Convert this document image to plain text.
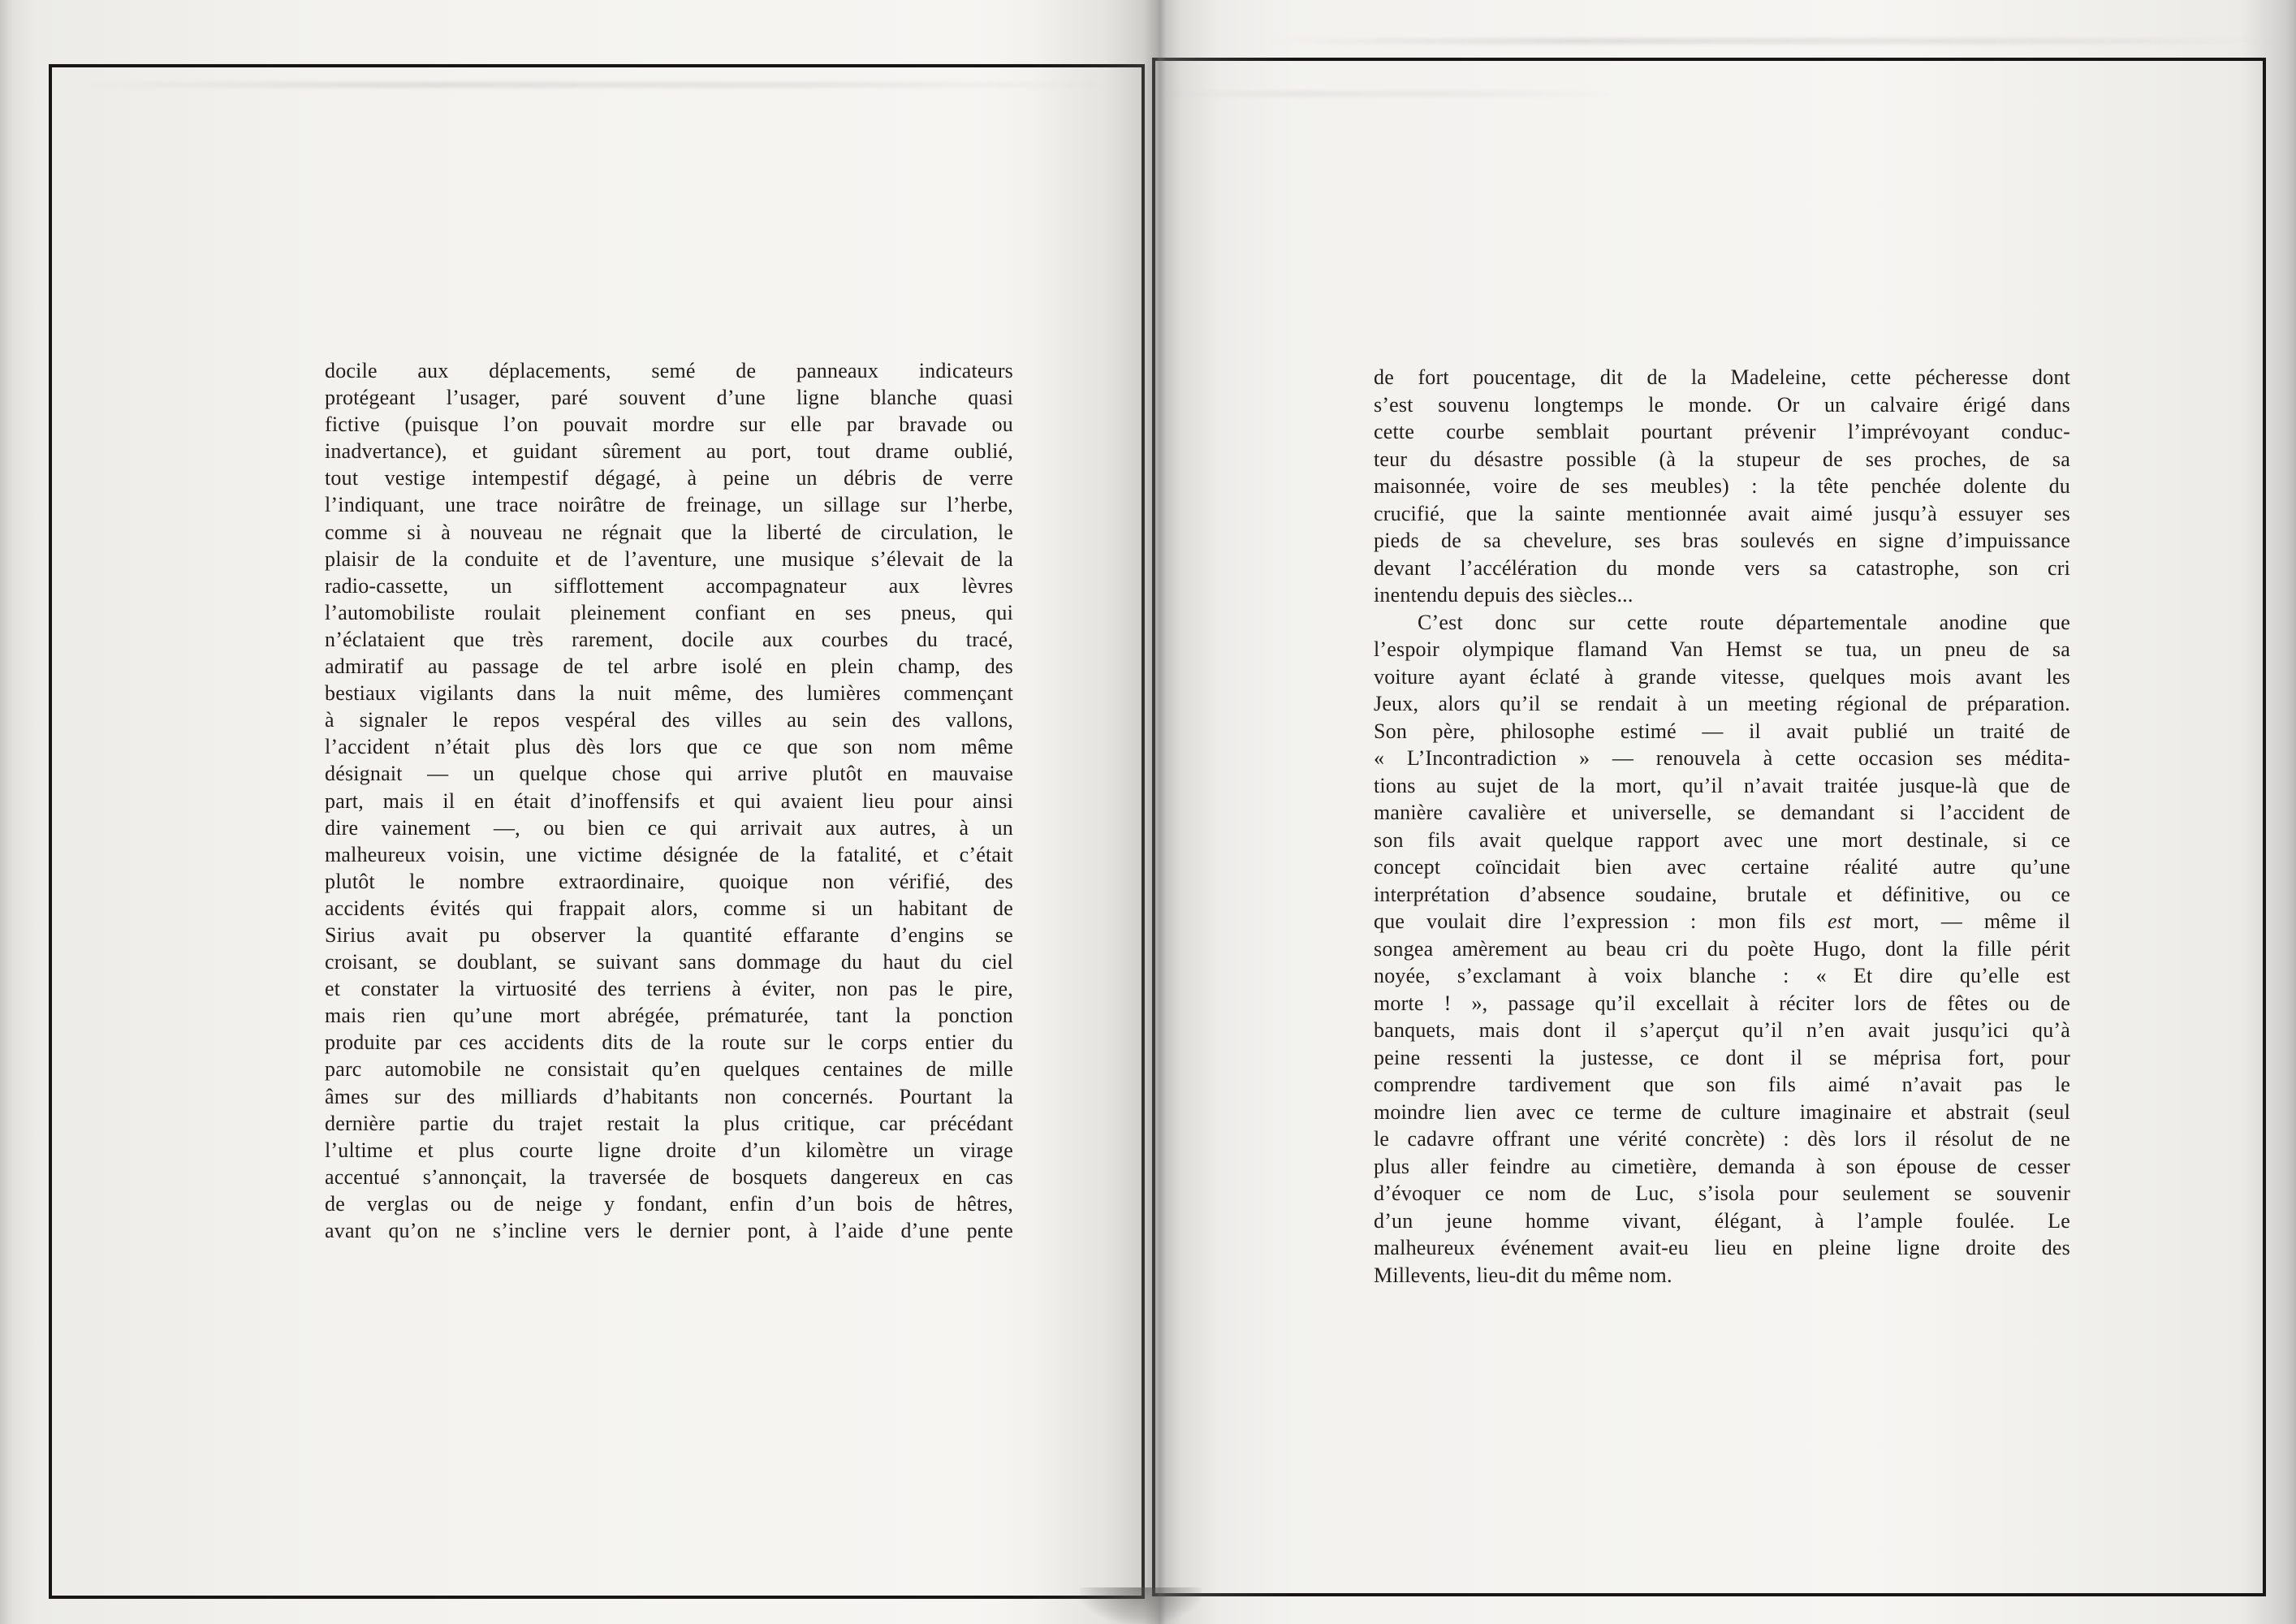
docile aux déplacements, semé de panneaux indicateurs
protégeant l’usager, paré souvent d’une ligne blanche quasi
fictive (puisque l’on pouvait mordre sur elle par bravade ou
inadvertance), et guidant sûrement au port, tout drame oublié,
tout vestige intempestif dégagé, à peine un débris de verre
l’indiquant, une trace noirâtre de freinage, un sillage sur l’herbe,
comme si à nouveau ne régnait que la liberté de circulation, le
plaisir de la conduite et de l’aventure, une musique s’élevait de la
radio-cassette, un sifflottement accompagnateur aux lèvres
l’automobiliste roulait pleinement confiant en ses pneus, qui
n’éclataient que très rarement, docile aux courbes du tracé,
admiratif au passage de tel arbre isolé en plein champ, des
bestiaux vigilants dans la nuit même, des lumières commençant
à signaler le repos vespéral des villes au sein des vallons,
l’accident n’était plus dès lors que ce que son nom même
désignait — un quelque chose qui arrive plutôt en mauvaise
part, mais il en était d’inoffensifs et qui avaient lieu pour ainsi
dire vainement —, ou bien ce qui arrivait aux autres, à un
malheureux voisin, une victime désignée de la fatalité, et c’était
plutôt le nombre extraordinaire, quoique non vérifié, des
accidents évités qui frappait alors, comme si un habitant de
Sirius avait pu observer la quantité effarante d’engins se
croisant, se doublant, se suivant sans dommage du haut du ciel
et constater la virtuosité des terriens à éviter, non pas le pire,
mais rien qu’une mort abrégée, prématurée, tant la ponction
produite par ces accidents dits de la route sur le corps entier du
parc automobile ne consistait qu’en quelques centaines de mille
âmes sur des milliards d’habitants non concernés. Pourtant la
dernière partie du trajet restait la plus critique, car précédant
l’ultime et plus courte ligne droite d’un kilomètre un virage
accentué s’annonçait, la traversée de bosquets dangereux en cas
de verglas ou de neige y fondant, enfin d’un bois de hêtres,
avant qu’on ne s’incline vers le dernier pont, à l’aide d’une pente
de fort poucentage, dit de la Madeleine, cette pécheresse dont
s’est souvenu longtemps le monde. Or un calvaire érigé dans
cette courbe semblait pourtant prévenir l’imprévoyant conduc-
teur du désastre possible (à la stupeur de ses proches, de sa
maisonnée, voire de ses meubles) : la tête penchée dolente du
crucifié, que la sainte mentionnée avait aimé jusqu’à essuyer ses
pieds de sa chevelure, ses bras soulevés en signe d’impuissance
devant l’accélération du monde vers sa catastrophe, son cri
inentendu depuis des siècles...
C’est donc sur cette route départementale anodine que
l’espoir olympique flamand Van Hemst se tua, un pneu de sa
voiture ayant éclaté à grande vitesse, quelques mois avant les
Jeux, alors qu’il se rendait à un meeting régional de préparation.
Son père, philosophe estimé — il avait publié un traité de
« L’Incontradiction » — renouvela à cette occasion ses médita-
tions au sujet de la mort, qu’il n’avait traitée jusque-là que de
manière cavalière et universelle, se demandant si l’accident de
son fils avait quelque rapport avec une mort destinale, si ce
concept coïncidait bien avec certaine réalité autre qu’une
interprétation d’absence soudaine, brutale et définitive, ou ce
que voulait dire l’expression : mon fils est mort, — même il
songea amèrement au beau cri du poète Hugo, dont la fille périt
noyée, s’exclamant à voix blanche : « Et dire qu’elle est
morte ! », passage qu’il excellait à réciter lors de fêtes ou de
banquets, mais dont il s’aperçut qu’il n’en avait jusqu’ici qu’à
peine ressenti la justesse, ce dont il se méprisa fort, pour
comprendre tardivement que son fils aimé n’avait pas le
moindre lien avec ce terme de culture imaginaire et abstrait (seul
le cadavre offrant une vérité concrète) : dès lors il résolut de ne
plus aller feindre au cimetière, demanda à son épouse de cesser
d’évoquer ce nom de Luc, s’isola pour seulement se souvenir
d’un jeune homme vivant, élégant, à l’ample foulée. Le
malheureux événement avait-eu lieu en pleine ligne droite des
Millevents, lieu-dit du même nom.
